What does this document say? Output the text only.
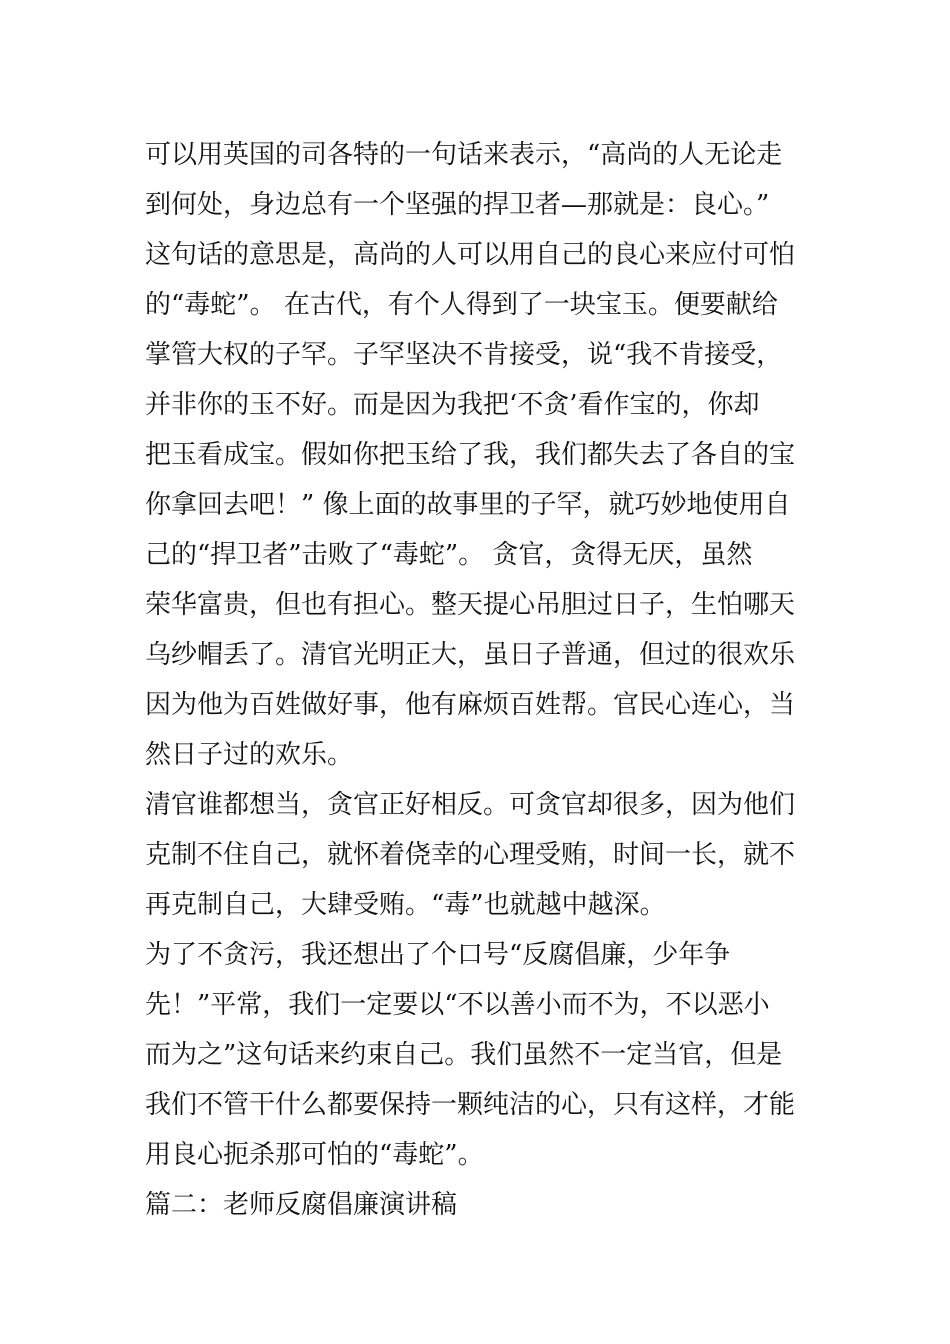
可以用英国的司各特的一句话来表示，“高尚的人无论走
到何处，身边总有一个坚强的捍卫者—那就是：良心。”
这句话的意思是，高尚的人可以用自己的良心来应付可怕
的“毒蛇”。 在古代，有个人得到了一块宝玉。便要献给
掌管大权的子罕。子罕坚决不肯接受，说“我不肯接受，
并非你的玉不好。而是因为我把‘不贪’看作宝的，你却
把玉看成宝。假如你把玉给了我，我们都失去了各自的宝
你拿回去吧！” 像上面的故事里的子罕，就巧妙地使用自
己的“捍卫者”击败了“毒蛇”。 贪官，贪得无厌，虽然
荣华富贵，但也有担心。整天提心吊胆过日子，生怕哪天
乌纱帽丢了。清官光明正大，虽日子普通，但过的很欢乐
因为他为百姓做好事，他有麻烦百姓帮。官民心连心，当
然日子过的欢乐。
清官谁都想当，贪官正好相反。可贪官却很多，因为他们
克制不住自己，就怀着侥幸的心理受贿，时间一长，就不
再克制自己，大肆受贿。“毒”也就越中越深。
为了不贪污，我还想出了个口号“反腐倡廉，少年争
先！”平常，我们一定要以“不以善小而不为，不以恶小
而为之”这句话来约束自己。我们虽然不一定当官，但是
我们不管干什么都要保持一颗纯洁的心，只有这样，才能
用良心扼杀那可怕的“毒蛇”。
篇二：老师反腐倡廉演讲稿
